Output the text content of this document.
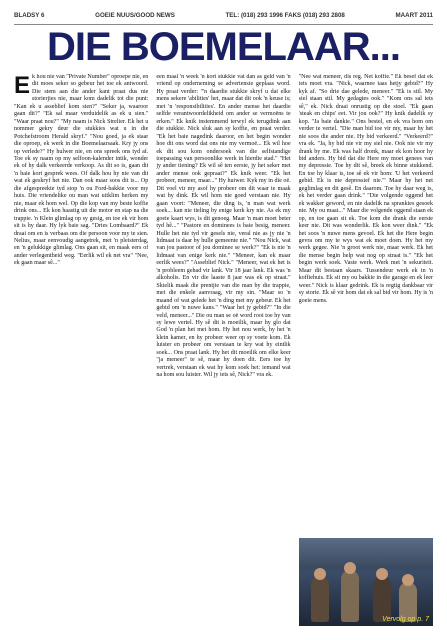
BLADSY 6	GOEIE NUUS/GOOD NEWS	TEL: (018) 293 1996 FAKS (018) 293 2808	MAART 2011
DIE BOEMELAAR...
E k hou nie van "Private Number" oproepe nie, en dit moes seker so gebeur het toe ek antwoord. Die stem aan die ander kant praat dus nie storierjies nie, maar kom dadelik tot die punt: "Kan ek u asseblief kom sien?" "Seker ja, waaroor gaan dit?" "Ek sal maar verduidelik as ek u sien." "Waar praat nou?" "My naam is Nick Strelier. Ek het u nommer gekry deur die stukkies wat u in die Potchefstroom Herald skryf." "Nou goed, ja ek staar die oproep, ek werk in die Boemelaarsaak. Kry jy ons op verlede?" Hy hulwer nie, en ons spreek ons tyd af. Toe ek sy naam op my selfoon-kalender intik, wonder ek of hy dalk verkeerde verkoop. As dit so is, gaan dit 'n baie kort gesprek wees. Of dalk hou hy nie van dit wat ek geskryf het nie. Dan ook maar soos dit is... Op die afgespreekte tyd stop 'n ou Ford-bakkie voor my huis. Die vriendelike ou man wat uitklim herken my nie, maar ek hom wel. Op die kop van my beste koffie drink ons... Ek kon haastig uit die motor en stap na die trappie. 'n Klein glimlag op sy gesig, en toe ek vir hom sit is hy daar. Hy lyk baie sag. "Dries Lombaard?" Ek draai om en is verbaas om die persoon voor my te sien. Nelius, maar eenvoudig aangetrek, met 'n pleisterdag, en 'n gelukkige glimlag. Ons gaan sit, en maak eers of ander verlegentheid weg. "Eerlik wil ek net vra" "Nee, ek gaan maar sê..."

een maal 'n week 'n kort stukkie vat dan as geld van 'n vriend op onderneming se advertensie geplaas word. Hy praat verder: "'n daardie stukkie skryf u dat elke mens sekere 'abilities' het, maar dat dit ook 'n keuse is; met 'n 'responsibilities'. En ander mense het daardie selfde verantwoordelikheid om ander se vermoëns te erken." Ek knik instemmend terwyl ek terugdink aan die stukkie. Nick sluk aan sy koffie, en praat verder. "Ek het baie nagedink daaroor, en het begin wonder hoe dit ons word dat ons nie my vermoë... Ek wil hoe ek dit sou kom ondersoek van die selfstandige toepassing van persoonlike werk in hierdie stad." "Het jy ander tiening? Ek wil sê ten eerste, jy het seker met ander mense ook gepraat?" Ek knik weer. "Ek het probeer, meneer, maar..." Hy huiwer. Kyk my in die oë. Dit voel vir my asof hy probeer om dit waar te maak wat hy dink. Ek wil hom nie goed verstaan nie. Hy gaan voort: "Meneer, die ding is, 'n man wat werk soek... kan nie tieling by enige kerk kry nie. As ek my goeie kaart wys, is dit genoeg. Maar 'n man moet beter tyd hê..." "Pastore en dominees is baie besig, meneer. Hulle het nie tyd vir gesels nie, veral nie as jy nie 'n lidmaat is daar by hulle gemeente nie." "Nou Nick, wat van jou pastoor of jou dominee se werk?" "Ek is nie 'n lidmaat van enige kerk nie." "Meneer, kan ek maar eerlik wees?" "Asseblief Nick." "Meneer, wat ek het is 'n probleem gehad vir lank. Vir 18 jaar lank. Ek was 'n alkoholis. En vir die laaste 8 jaar was ek op straat." Skielik maak die prentjie van die man by die trappie, met die enkele aanvraag, vir my sin. "Maar so 'n maand of wat gelede het 'n ding met my gebeur. Ek het gebid om 'n nuwe kans." "Waar het jy gebid?" "In die veld, meneer..." Die ou man se oë word rooi toe hy van sy lewe vertel. Hy sê dit is moeilik, maar hy glo dat God 'n plan het met hom. Hy het nou werk, hy het 'n klein kamer, en hy probeer weer op sy voete kom. Ek luister en probeer om verstaan te kry wat hy eintlik soek... Ons praat lank. Hy het dit moeilik om elke keer "ja meneer" te sê, maar hy doen dit. Eers toe hy vertrek, verstaan ek wat hy kom soek het: iemand wat na hom sou luister. Wil jy iets sê, Nick?" vra ek.

"Nee wat meneer, dis reg. Net koffie." Ek besef dat ek iets moet vra. "Nick, waarnee taas hetjy gebid?" Hy kyk af. "So drie dae gelede, meneer." "Ek is stil. My siel staan stil. My gedagtes ook." "Kom ons sal iets sê," ek. Nick draai onrustig op die stoel. "Ek gaan 'steak en chips' eet. Vir jou ook?" Hy knik dadelik sy kop. "Ja baie dankie." Ons bestel, en ek vra hom om verder te vertel. "Die man bid toe vir my, maar hy het nie soos die ander nie. Hy bid verkeerd." "Verkeerd?" vra ek. "Ja, hy bid nie vir my siel nie. Ook nie vir my drank by me. Ek was half dronk, maar ek kon hoor hy bid anders. Hy bid dat die Here my moet genees van my depressie. Toe hy dit sê, breek ek binne stukkend. En toe hy klaar is, toe sê ek vir hom: 'U het verkeerd gebid. Ek is nie depressief nie.'" Maar hy het net geglimlag en dit gesê. En daarom. Toe hy daar weg is, ek het verder gaan drink." "Die volgende oggend het ek wakker geword, en nie dadelik na sprankies gesoek nie. My ou maat..." Maar die volgende oggend staan ek op, en toe gaan sit ek. Toe kom die drank die eerste keer nie. Dit was wonderlik. Ek kon weer dink." "Ek het soos 'n nuwe mens gevoel. Ek het die Here begin gevra om my te wys wat ek moet doen. Hy het my werk gegee. Nie 'n groot werk nie, maar werk. Ek het die mense begin help wat nog op straat is." "Ek het begin werk soek. Vaste werk. Werk met 'n sekuriteit. Maar dit bestaan skaars. Tussendeur werk ek in 'n koffiehuis. Ek sit my ou bakkie in die garage en ek leer weer." Nick is klaar gedrink. Ek is regtig dankbaar vir sy storie. Ek sê vir hom dat ek sal bid vir hom. Hy is 'n goeie mens.

Vervolg op p. 7
